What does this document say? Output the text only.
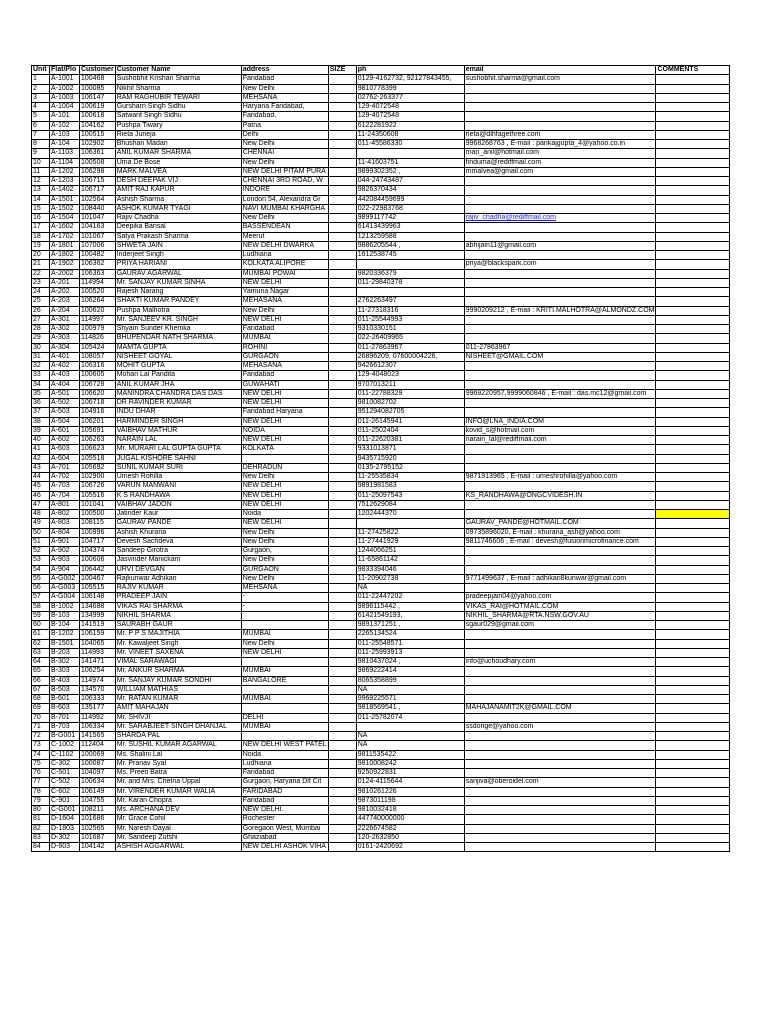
Unit	Flat/Plo	Customer	Customer Name	address	SIZE	ph	email	COMMENTS
1	A-1001	100468	Sushobhit Krishan Sharma	Faridabad		0129-4162732, 92127843455,	sushobhit.sharma@gmail.com	
2	A-1002	100085	Nikhil Sharma	New Delhi		9810778399		
3	A-1003	106147	RAM RAGHUBIR TEWARI	MEHSANA		02762-263377		
4	A-1004	100619	Gursharn Singh Sidhu	Haryana Faridabad,		129-4072548		
5	A-101	100618	Satwant Singh Sidhu	Faridabad,		129-4072548		
6	A-102	104162	Pushpa Tiwary	Patna		6122281922		
7	A-103	100515	Rieta Juneja	Delhi		11-24350608	rieta@dlhfagethree.com	
8	A-104	102902	Bhushan Madan	New Delhi		011-45586330	9968268763 , E-mail : pankajgupta_4@yahoo.co.in	
9	A-1103	106361	ANIL KUMAR SHARMA	CHENNAI			man_anil@hotmail.com	
10	A-1104	100508	Uma De Bose	New Delhi		11-41603751	finduma@rediffmail.com	
11	A-1202	106298	MARK MALVEA	NEW DELHI PITAM PURA		9899302352 ,	mmalvea@gmail.com	
12	A-1203	106715	DESH DEEPAK VIJ	CHENNAI 3RD ROAD, W		044-24743487		
13	A-1402	106717	AMIT RAJ KAPUR	INDORE		9826370434		
14	A-1501	102564	Ashish Sharma	London 54, Alexandra Gr		442084459699		
15	A-1502	108440	ASHOK KUMAR TYAGI	NAVI MUMBAI KHARGHA		022-22983768		
16	A-1504	101047	Rajiv Chadha	New Delhi		9899117742	rajiv_chadha@rediffmail.com	
17	A-1602	104163	Deepika Bansal	BASSENDEAN		61413439963		
18	A-1702	101067	Satya Prakash Sharma	Meerut		1213259588		
19	A-1801	107006	SHWETA JAIN	NEW DELHI DWARKA		9886205544 ,	abhijain11@gmail.com	
20	A-1802	100482	Inderjeet Singh	Ludhiana		1612538745		
21	A-1902	106362	PRIYA HARIANI	KOLKATA ALIPORE			priya@blackspark.com	
22	A-2002	106363	GAURAV AGARWAL	MUMBAI POWAI		9820336379		
23	A-201	114994	Mr. SANJAY KUMAR SINHA	NEW DELHI		011-29840378		
24	A-202	100520	Rajesh Narang	Yamuna Nagar				
25	A-203	106264	SHAKTI KUMAR PANDEY	MEHASANA		2762263497		
26	A-204	100620	Pushpa Malhotra	New Delhi		11-27318316	9990209212 , E-mail : KRITI.MALHOTRA@ALMONDZ.COM	
27	A-301	114997	Mr. SANJEEV KR. SINGH	NEW DELHI		011-25544993		
28	A-302	100979	Shyam Sunder Khemka	Faridabad		9310330151		
29	A-303	114826	BHUPENDAR NATH SHARMA	MUMBAI		022-26409965		
30	A-304	105424	MAMTA GUPTA	ROHINI		011-27863967	011-27863967	
31	A-401	108057	NISHEET GOYAL	GURGAON		26896209, 07600004226,	NISHEET@GMAIL.COM	
32	A-402	106316	MOHIT GUPTA	MEHASANA		9426612307		
33	A-403	100605	Mohan Lal Pandita	Faridabad		129-4048023		
34	A-404	106728	ANIL KUMAR JHA	GUWAHATI		9707013211		
35	A-501	106620	MANINDRA CHANDRA DAS DAS	NEW DELHI		011-22788329	9969220957,9999060846 , E-mail : das.mc12@gmail.com	
36	A-502	106718	DR RAVINDER KUMAR	NEW DELHI		9810082702		
37	A-503	104916	INDU DHAR	Faridabad Haryana		951294082705		
38	A-504	106201	HARMINDER SINGH	NEW DELHI		011-26145941	INFO@LNA_INDIA.COM	
39	A-601	105691	VAIBHAV MATHUR	NOIDA		011-2502404	kovid_s@hotmail.com	
40	A-602	106263	NARAIN LAL	NEW DELHI		011-22620381	narain_lal@rediffmail.com	
41	A-603	106623	Mr. MURARI LAL GUPTA GUPTA	KOLKATA		9331013871		
42	A-604	105518	JUGAL KISHORE SAHNI			9435715920		
43	A-701	105692	SUNIL KUMAR SURI	DEHRADUN		0135-2795152		
44	A-702	102900	Umesh Rohilla	New Delhi		11-25535834	9871913965 , E-mail : umeshrohilla@yahoo.com	
45	A-703	106726	VARUN MANWANI	NEW DELHI		9891981583		
46	A-704	105516	K S RANDHAWA	NEW DELHI		011-25097543	KS_RANDHAWA@ONGCVIDESH.IN	
47	A-801	101041	VAIBHAV JADON	NEW DELHI		7512629084		
48	A-802	100500	Jatinder Kaur	Noida		1202444370		
49	A-803	108115	GAURAV PANDE	NEW DELHI			GAURAV_PANDE@HOTMAIL.COM	
50	A-804	100996	Ashish Khurana	New Delhi		11-27425822	09735896020, E-mail : khurana_ash@yahoo.com	
51	A-901	104717	Devesh Sachdeva	New Delhi		11-27441929	9811746606 , E-mail : devesh@fusionmicrofinance.com	
52	A-902	104374	Sandeep Girotra	Gurgaon,		1244066251		
53	A-903	100606	Jasvinder Manickam	New Delhi		11-65861142		
54	A-904	106442	URVI DEVGAN	GURGAON		9833394046		
55	A-G002	100467	Rajkunwar Adhikari	New Delhi		11-20902738	9771499637 , E-mail : adhikari8kunwar@gmail.com	
56	A-G003	105515	RAJIV KUMAR	MEHSANA		NA		
57	A-G004	106148	PRADEEP JAIN	-		011-22447202	pradeepjain04@yahoo.com	
58	B-1002	134688	VIKAS RAI SHARMA	-		9896115442 ,	VIKAS_RAI@HOTMAIL.COM	
59	B-103	134999	NIKHIL SHARMA			61421549193,	NIKHIL_SHARMA@RTA.NSW.GOV.AU	
60	B-104	141519	SAURABH GAUR			9891371251 ,	sgaur029@gmail.com	
61	B-1202	106159	Mr. P P S MAJITHIA	MUMBAI		2265134524		
62	B-1501	104065	Mr. Kawaljeet Singh	New Delhi		011-25548571		
63	B-203	114993	Mr. VINEET SAXENA	NEW DELHI		011-25993913		
64	B-302	141471	VIMAL SARAWAGI			9810437024 ,	info@uchoudhary.com	
65	B-303	106254	Mr. ANKUR SHARMA	MUMBAI		9869222414		
66	B-403	114974	Mr. SANJAY KUMAR SONDHI	BANGALORE		8065358899		
67	B-503	134570	WILLIAM MATHIAS			NA		
68	B-601	106333	Mr. RATAN KUMAR	MUMBAI		9969225571		
69	B-603	135177	AMIT MAHAJAN			9818569541 ,	MAHAJANAMIT2K@GMAIL.COM	
70	B-701	114992	Mr. SHIVJI	DELHI		011-25782074		
71	B-703	106334	Mr. SARABJEET SINGH DHANJAL	MUMBAI			ssdonge@yahoo.com	
72	B-G001	141565	SHARDA PAL			NA		
73	C-1002	112404	Mr. SUSHIL KUMAR AGARWAL	NEW DELHI WEST PATEL		NA		
74	C-1102	100069	Ms. Shalini Lal	Noida		9811535422		
75	C-302	100087	Mr. Pranav Syal	Ludhiana		9810008242		
76	C-501	104097	Ms. Preeti Batra	Faridabad		9250922831		
77	C-502	100634	Mr. and Mrs. Chetna Uppal	Gurgaon, Haryana Dlf Cit		0124-4115644	sanjiva@oberoidel.com	
78	C-602	106149	Mr. VIRENDER KUMAR WALIA	FARIDABAD		9810261226		
79	C-901	104755	Mr. Karan Chopra	Faridabad		9873011198		
80	C-G001	108211	Ms. ARCHANA DEV	NEW DELHI.		9810032418		
81	D-1604	101686	Mr. Grace Cohil	Rochester		447740000000		
82	D-1803	102565	Mr. Naresh Dayal	Goregaon West, Mumbai		2226674582		
83	D-302	101687	Mr. Sandeep Zutshi	Ghaziabad		120-2632850		
84	D-603	104142	ASHISH AGGARWAL	NEW DELHI ASHOK VIHA		0161-2420692		
